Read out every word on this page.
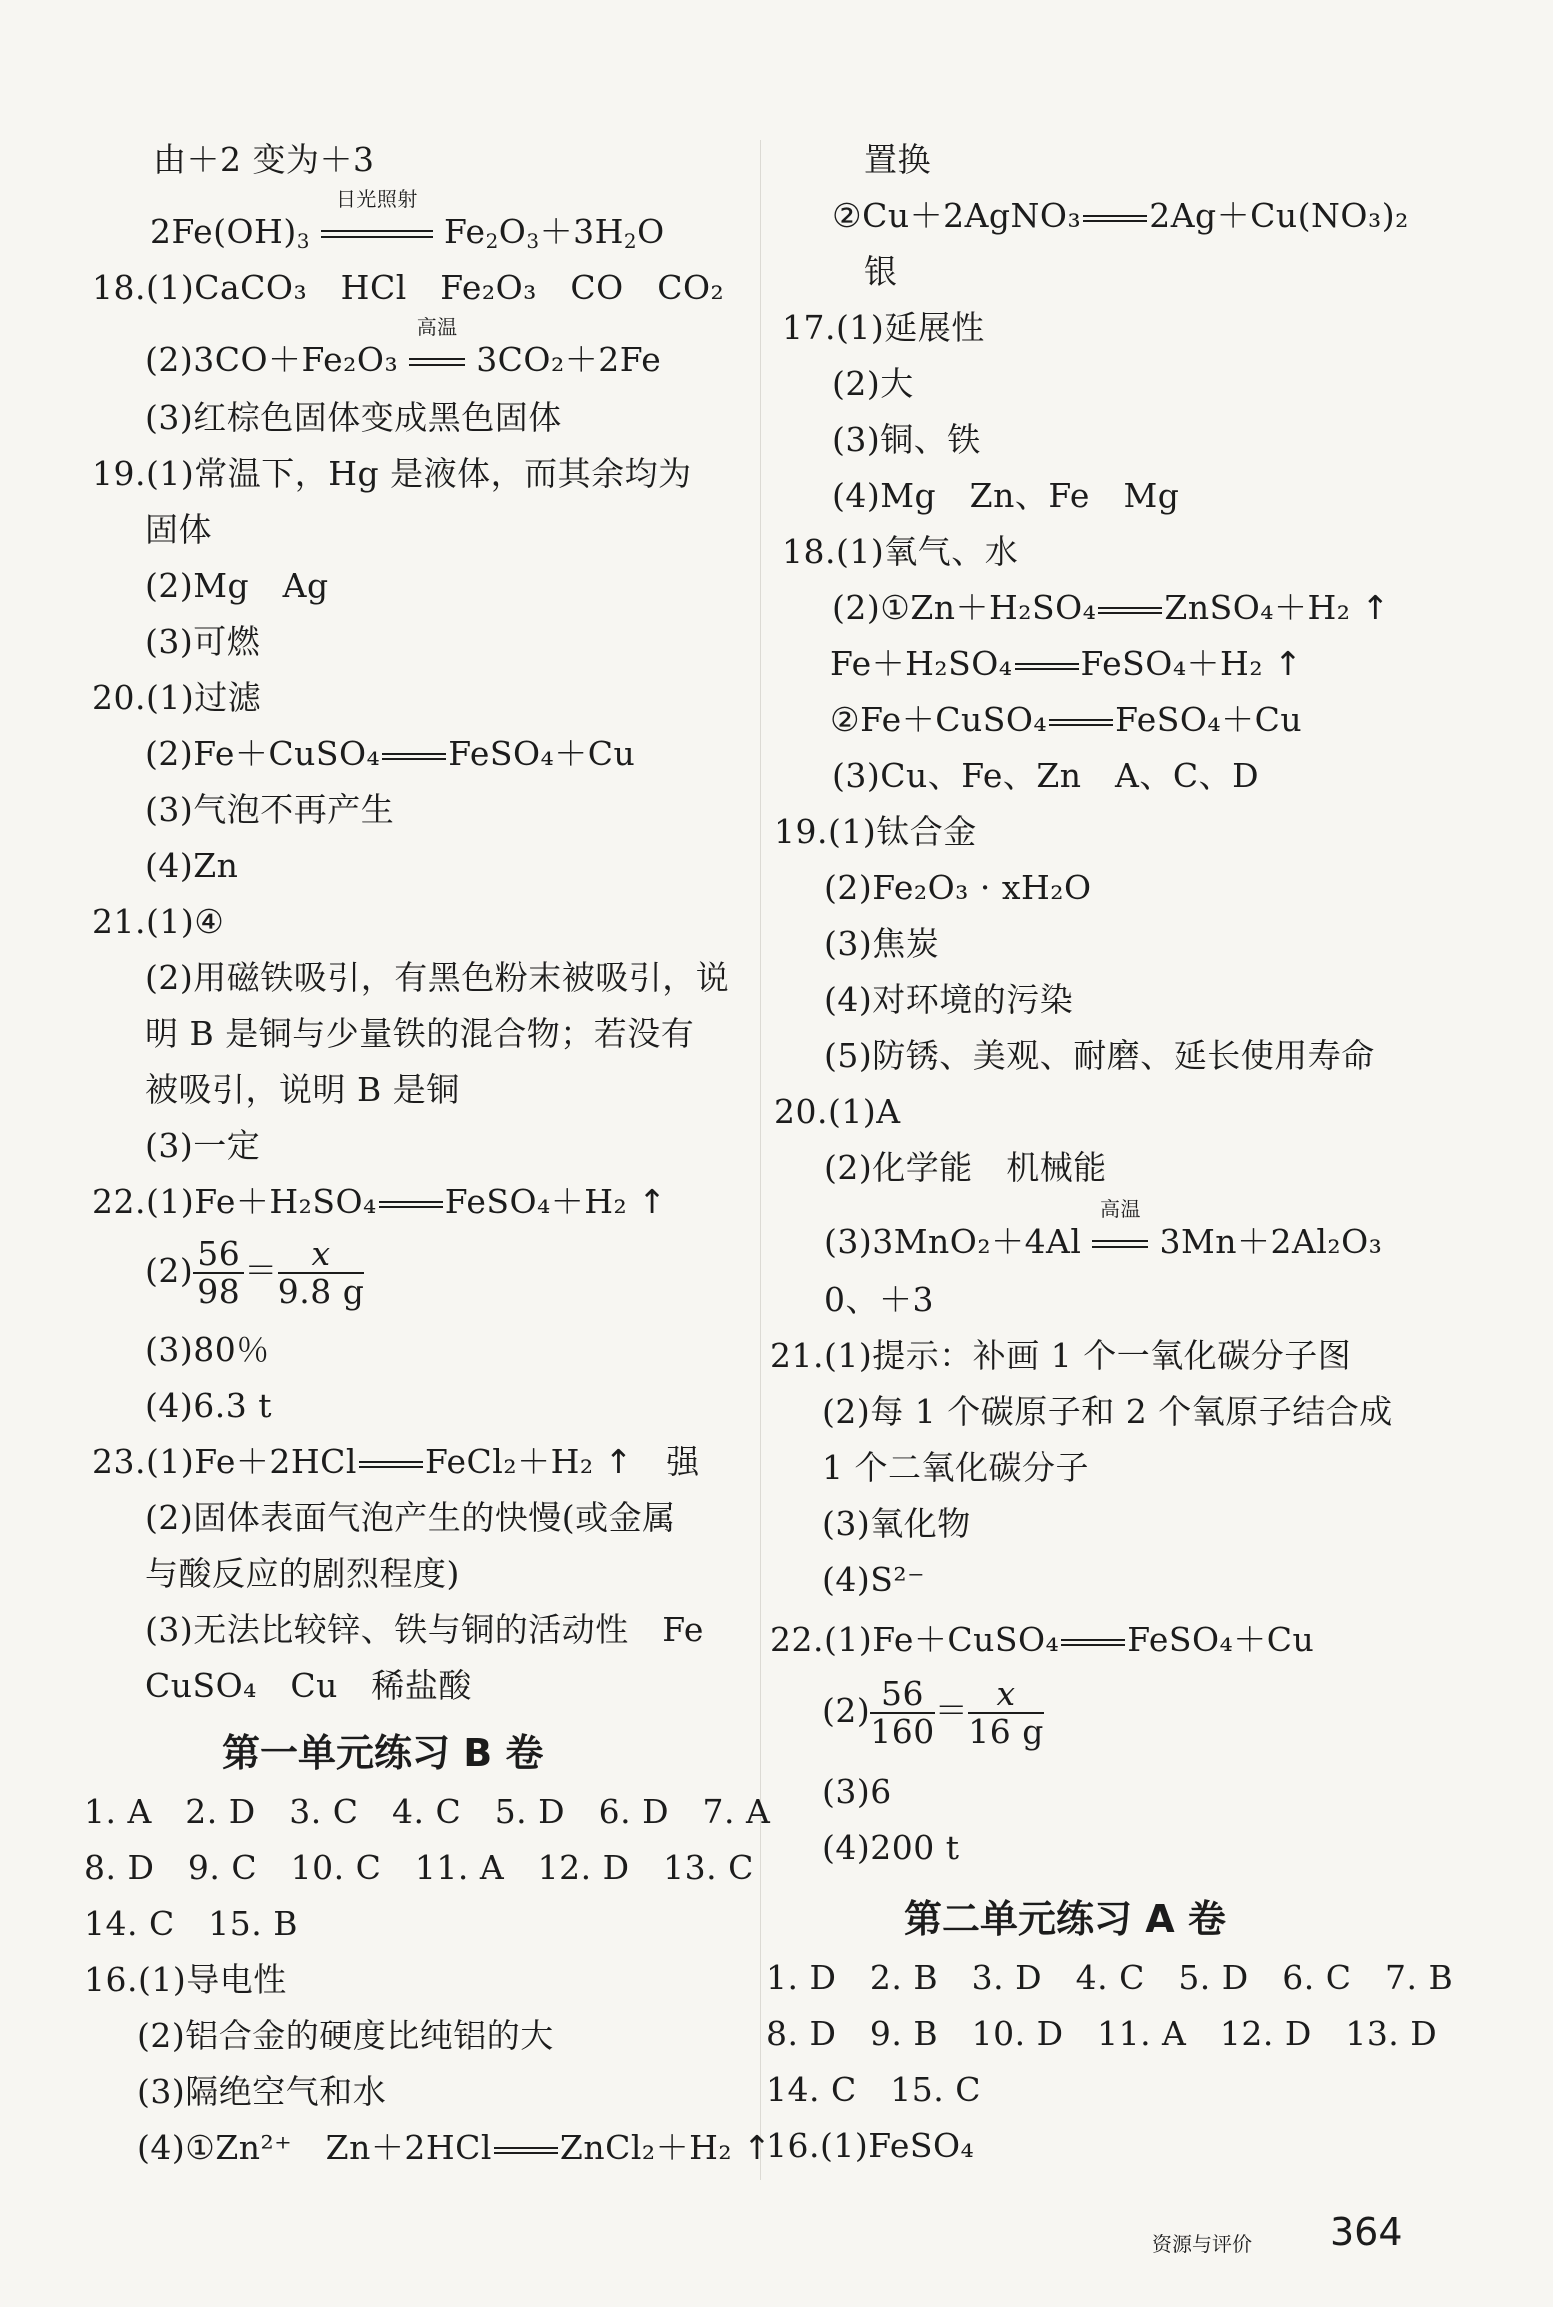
由＋2 变为＋3
$2Fe(OH)_3$
日光照射
$Fe_2O_3+3H_2O$
18.(1)CaCO₃　HCl　Fe₂O₃　CO　CO₂
(2)3CO＋Fe₂O₃
高温
3CO₂＋2Fe
(3)红棕色固体变成黑色固体
19.(1)常温下，Hg 是液体，而其余均为
固体
(2)Mg　Ag
(3)可燃
20.(1)过滤
(2)Fe＋CuSO₄ FeSO₄＋Cu
(3)气泡不再产生
(4)Zn
21.(1)④
(2)用磁铁吸引，有黑色粉末被吸引，说
明 B 是铜与少量铁的混合物；若没有
被吸引，说明 B 是铜
(3)一定
22.(1)Fe＋H₂SO₄ FeSO₄＋H₂ ↑
$(2) \frac{56}{98} = \frac{x}{9.8 g}$
(3)80％
(4)6.3 t
23.(1)Fe＋2HCl FeCl₂＋H₂ ↑　 强
(2)固体表面气泡产生的快慢(或金属
与酸反应的剧烈程度)
(3)无法比较锌、铁与铜的活动性　Fe
CuSO₄　Cu　稀盐酸
第一单元练习 B 卷
1. A　2. D　3. C　4. C　5. D　6. D　7. A
8. D　9. C　10. C　11. A　12. D　13. C
14. C　15. B
16.(1)导电性
(2)铝合金的硬度比纯铝的大
(3)隔绝空气和水
(4)①Zn²⁺　Zn＋2HCl ZnCl₂＋H₂ ↑
置换
②Cu＋2AgNO₃ 2Ag＋Cu(NO₃)₂
银
17.(1)延展性
(2)大
(3)铜、铁
(4)Mg　Zn、Fe　Mg
18.(1)氧气、水
(2)①Zn＋H₂SO₄ ZnSO₄＋H₂ ↑
Fe＋H₂SO₄ FeSO₄＋H₂ ↑
②Fe＋CuSO₄ FeSO₄＋Cu
(3)Cu、Fe、Zn　A、C、D
19.(1)钛合金
(2)Fe₂O₃ · xH₂O
(3)焦炭
(4)对环境的污染
(5)防锈、美观、耐磨、延长使用寿命
20.(1)A
(2)化学能　机械能
(3)3MnO₂＋4Al
高温
3Mn＋2Al₂O₃
0、＋3
21.(1)提示：补画 1 个一氧化碳分子图
(2)每 1 个碳原子和 2 个氧原子结合成
1 个二氧化碳分子
(3)氧化物
(4)S²⁻
22.(1)Fe＋CuSO₄ FeSO₄＋Cu
$(2) \frac{56}{160} = \frac{x}{16 g}$
(3)6
(4)200 t
第二单元练习 A 卷
1. D　2. B　3. D　4. C　5. D　6. C　7. B
8. D　9. B　10. D　11. A　12. D　13. D
14. C　15. C
16.(1)FeSO₄
资源与评价 364
